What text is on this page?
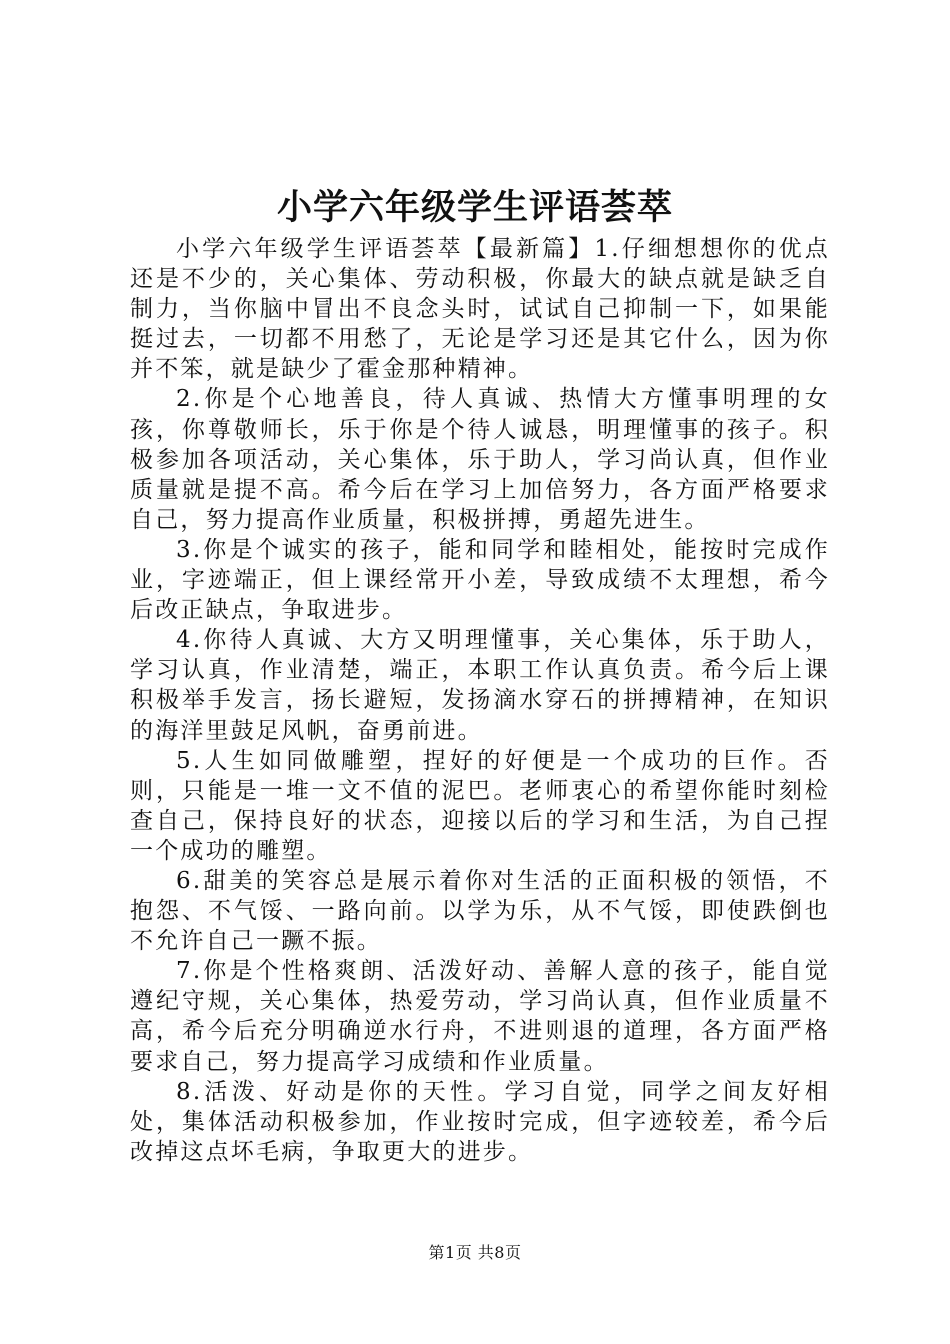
小学六年级学生评语荟萃

小学六年级学生评语荟萃【最新篇】1.仔细想想你的优点还是不少的，关心集体、劳动积极，你最大的缺点就是缺乏自制力，当你脑中冒出不良念头时，试试自己抑制一下，如果能挺过去，一切都不用愁了，无论是学习还是其它什么，因为你并不笨，就是缺少了霍金那种精神。

2.你是个心地善良，待人真诚、热情大方懂事明理的女孩，你尊敬师长，乐于你是个待人诚恳，明理懂事的孩子。积极参加各项活动，关心集体，乐于助人，学习尚认真，但作业质量就是提不高。希今后在学习上加倍努力，各方面严格要求自己，努力提高作业质量，积极拼搏，勇超先进生。

3.你是个诚实的孩子，能和同学和睦相处，能按时完成作业，字迹端正，但上课经常开小差，导致成绩不太理想，希今后改正缺点，争取进步。

4.你待人真诚、大方又明理懂事，关心集体，乐于助人，学习认真，作业清楚，端正，本职工作认真负责。希今后上课积极举手发言，扬长避短，发扬滴水穿石的拼搏精神，在知识的海洋里鼓足风帆，奋勇前进。

5.人生如同做雕塑，捏好的好便是一个成功的巨作。否则，只能是一堆一文不值的泥巴。老师衷心的希望你能时刻检查自己，保持良好的状态，迎接以后的学习和生活，为自己捏一个成功的雕塑。

6.甜美的笑容总是展示着你对生活的正面积极的领悟，不抱怨、不气馁、一路向前。以学为乐，从不气馁，即使跌倒也不允许自己一蹶不振。

7.你是个性格爽朗、活泼好动、善解人意的孩子，能自觉遵纪守规，关心集体，热爱劳动，学习尚认真，但作业质量不高，希今后充分明确逆水行舟，不进则退的道理，各方面严格要求自己，努力提高学习成绩和作业质量。

8.活泼、好动是你的天性。学习自觉，同学之间友好相处，集体活动积极参加，作业按时完成，但字迹较差，希今后改掉这点坏毛病，争取更大的进步。

第1页 共8页
